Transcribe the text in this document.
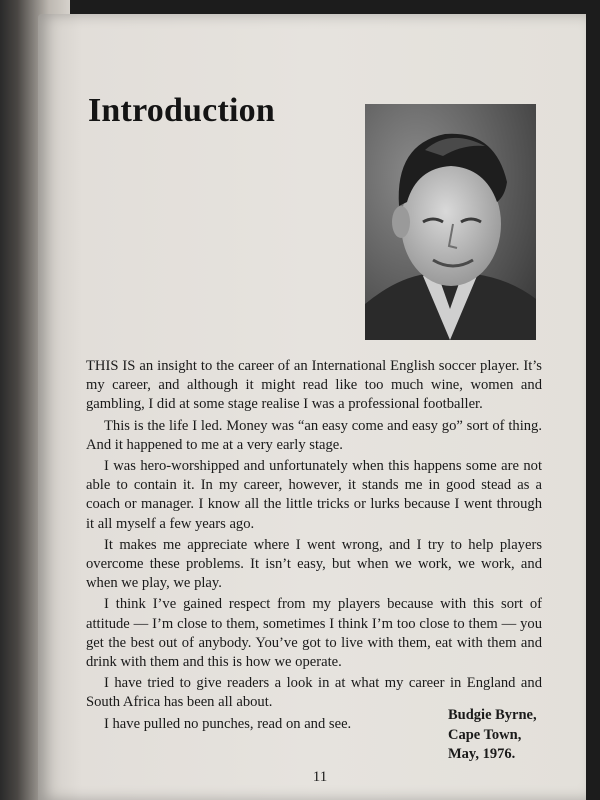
Introduction

THIS IS an insight to the career of an International English soccer player. It’s my career, and although it might read like too much wine, women and gambling, I did at some stage realise I was a professional footballer.

This is the life I led. Money was “an easy come and easy go” sort of thing. And it happened to me at a very early stage.

I was hero-worshipped and unfortunately when this happens some are not able to contain it. In my career, however, it stands me in good stead as a coach or manager. I know all the little tricks or lurks because I went through it all myself a few years ago.

It makes me appreciate where I went wrong, and I try to help players overcome these problems. It isn’t easy, but when we work, we work, and when we play, we play.

I think I’ve gained respect from my players because with this sort of attitude — I’m close to them, sometimes I think I’m too close to them — you get the best out of anybody. You’ve got to live with them, eat with them and drink with them and this is how we operate.

I have tried to give readers a look in at what my career in England and South Africa has been all about.

I have pulled no punches, read on and see.

Budgie Byrne,
Cape Town,
May, 1976.
11
